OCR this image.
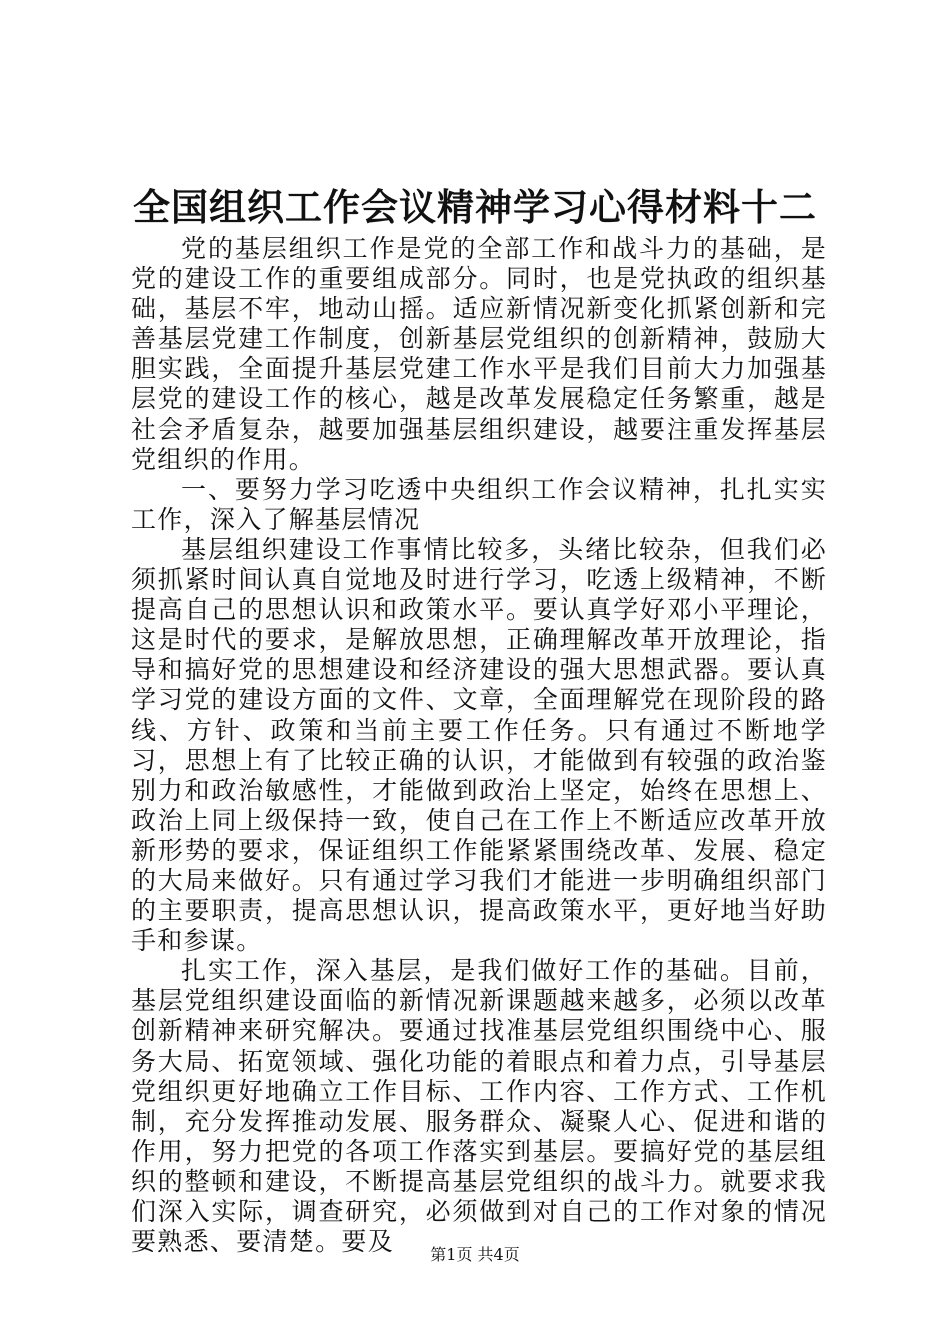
全国组织工作会议精神学习心得材料十二

党的基层组织工作是党的全部工作和战斗力的基础，是党的建设工作的重要组成部分。同时，也是党执政的组织基础，基层不牢，地动山摇。适应新情况新变化抓紧创新和完善基层党建工作制度，创新基层党组织的创新精神，鼓励大胆实践，全面提升基层党建工作水平是我们目前大力加强基层党的建设工作的核心，越是改革发展稳定任务繁重，越是社会矛盾复杂，越要加强基层组织建设，越要注重发挥基层党组织的作用。

一、要努力学习吃透中央组织工作会议精神，扎扎实实工作，深入了解基层情况

基层组织建设工作事情比较多，头绪比较杂，但我们必须抓紧时间认真自觉地及时进行学习，吃透上级精神，不断提高自己的思想认识和政策水平。要认真学好邓小平理论，这是时代的要求，是解放思想，正确理解改革开放理论，指导和搞好党的思想建设和经济建设的强大思想武器。要认真学习党的建设方面的文件、文章，全面理解党在现阶段的路线、方针、政策和当前主要工作任务。只有通过不断地学习，思想上有了比较正确的认识，才能做到有较强的政治鉴别力和政治敏感性，才能做到政治上坚定，始终在思想上、政治上同上级保持一致，使自己在工作上不断适应改革开放新形势的要求，保证组织工作能紧紧围绕改革、发展、稳定的大局来做好。只有通过学习我们才能进一步明确组织部门的主要职责，提高思想认识，提高政策水平，更好地当好助手和参谋。

扎实工作，深入基层，是我们做好工作的基础。目前，基层党组织建设面临的新情况新课题越来越多，必须以改革创新精神来研究解决。要通过找准基层党组织围绕中心、服务大局、拓宽领域、强化功能的着眼点和着力点，引导基层党组织更好地确立工作目标、工作内容、工作方式、工作机制，充分发挥推动发展、服务群众、凝聚人心、促进和谐的作用，努力把党的各项工作落实到基层。要搞好党的基层组织的整顿和建设，不断提高基层党组织的战斗力。就要求我们深入实际，调查研究，必须做到对自己的工作对象的情况要熟悉、要清楚。要及	第1页 共4页
